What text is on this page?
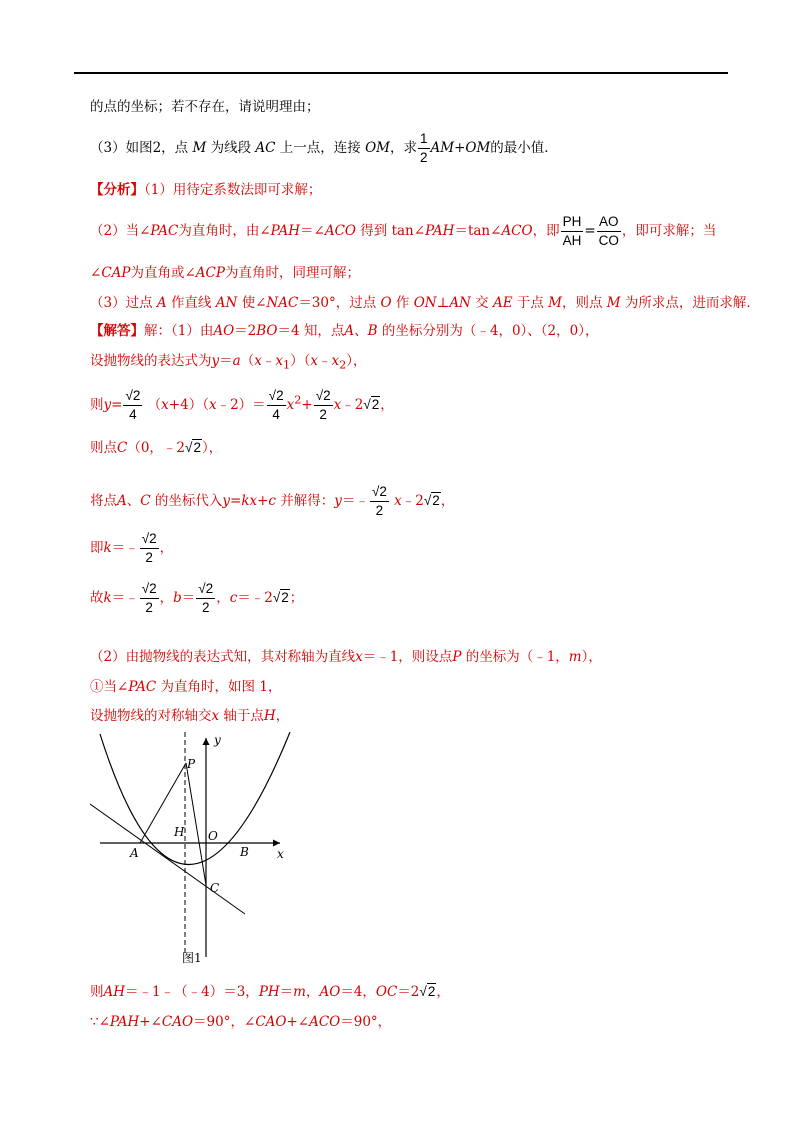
的点的坐标；若不存在，请说明理由；
（3）如图2，点 M 为线段 AC 上一点，连接 OM，求 $\frac{1}{2} AM+OM$的最小值．
【分析】（1）用待定系数法即可求解；
（2）当∠PAC为直角时，由∠PAH＝∠ACO 得到 tan∠PAH＝tan∠ACO，即 $\frac{PH}{AH} = \frac{AO}{CO}$ ，即可求解；当
∠CAP为直角或∠ACP为直角时，同理可解；
（3）过点 A 作直线 AN 使∠NAC＝30°，过点 O 作 ON⊥AN 交 AE 于点 M，则点 M 为所求点，进而求解．
【解答】解：（1）由AO＝2BO＝4 知，点A、B 的坐标分别为（﹣4，0）、（2，0），
设抛物线的表达式为$y=a(x﹣x_1)(x﹣x_2)$，
则$y= \frac{√2}{4}$ （x+4）（x﹣2）＝ $\frac{√2}{4} x^2+ \frac{√2}{2}$ x﹣2√2，
则点C（0，﹣2√2），
将点A、C 的坐标代入y=kx+c 并解得：y＝﹣ $\frac{√2}{2}$ x﹣2√2，
即k＝﹣ $\frac{√2}{2}$ ，
故k＝﹣ $\frac{√2}{2}$ ，$b= \frac{√2}{2}$ ，c＝﹣2√2；
（2）由抛物线的表达式知，其对称轴为直线x＝﹣1，则设点P 的坐标为（﹣1，m），
①当∠PAC 为直角时，如图 1，
设抛物线的对称轴交x 轴于点H，
y
x
P
H O
A	B
C
图1
则AH＝﹣1﹣（﹣4）＝3，PH＝m，AO＝4，OC＝2√2，
∵∠PAH+∠CAO＝90°，∠CAO+∠ACO＝90°，
